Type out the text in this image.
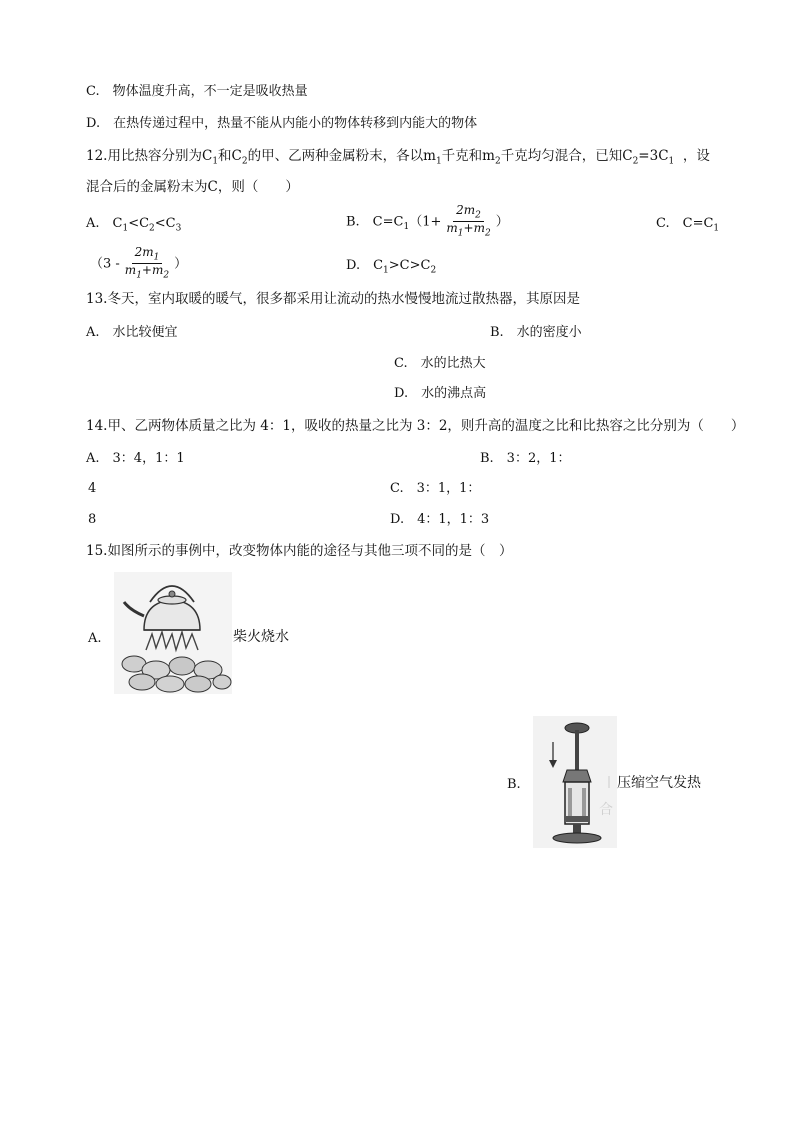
C.　物体温度升高，不一定是吸收热量
D.　在热传递过程中，热量不能从内能小的物体转移到内能大的物体
12.用比热容分别为$C_1$和$C_2$的甲、乙两种金属粉末，各以$m_1$千克和$m_2$千克均匀混合，已知$C_2=3C_1$ ，设
混合后的金属粉末为C，则（　　）
A.　$C_1<C_2<C_3$	B.　$C=C_1(1+ \frac{2m_2}{m_1+m_2}$ ）	C.　$C=C_1$
（$3 - \frac{2m_1}{m_1+m_2}$ ）	D.　$C_1>C>C_2$
13.冬天，室内取暖的暖气，很多都采用让流动的热水慢慢地流过散热器，其原因是
A.　水比较便宜	B.　水的密度小
C.　水的比热大
D.　水的沸点高
14.甲、乙两物体质量之比为 4：1，吸收的热量之比为 3：2，则升高的温度之比和比热容之比分别为（　　）
A.　3：4，1：1	B.　3：2，1：
4	C.　3：1，1：
8	D.　4：1，1：3
15.如图所示的事例中，改变物体内能的途径与其他三项不同的是（　）
A.	柴火烧水
B.
合
压缩空气发热
